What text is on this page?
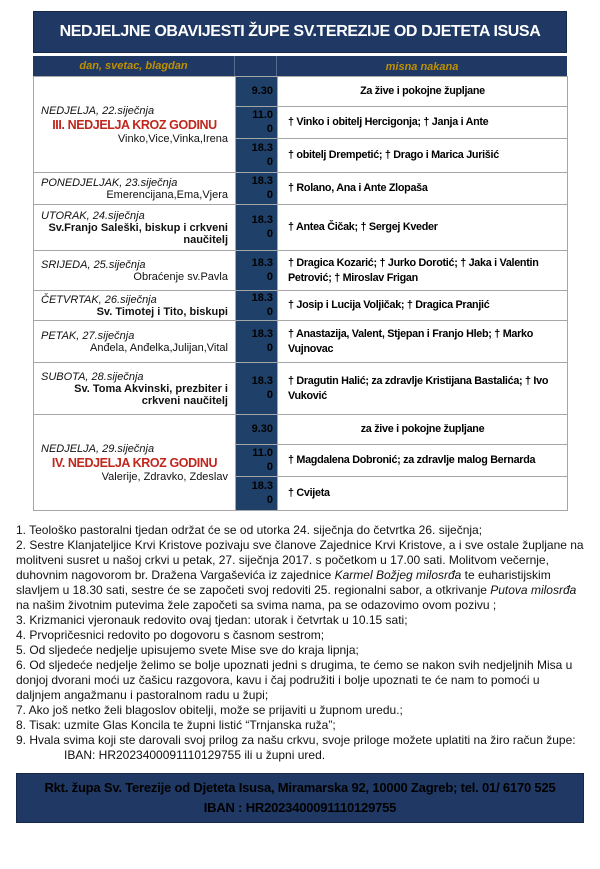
NEDJELJNE OBAVIJESTI ŽUPE SV.TEREZIJE OD DJETETA ISUSA
dan, svetac, blagdan	misna nakana
NEDJELJA, 22.siječnja
III. NEDJELJA KROZ GODINU
Vinko,Vice,Vinka,Irena	9.30	Za žive i pokojne župljane

	11.00	† Vinko i obitelj Hercigonja; † Janja i Ante

	18.30	† obitelj Drempetić; † Drago i Marica Jurišić

PONEDJELJAK, 23.siječnja
Emerencijana,Ema,Vjera	18.30	† Rolano, Ana i Ante Zlopaša

UTORAK, 24.siječnja
Sv.Franjo Saleški, biskup i crkveni naučitelj	18.30	† Antea Čičak; † Sergej Kveder

SRIJEDA, 25.siječnja
Obraćenje sv.Pavla	18.30	† Dragica Kozarić; † Jurko Dorotić; † Jaka i Valentin Petrović; † Miroslav Frigan

ČETVRTAK, 26.siječnja
Sv. Timotej i Tito, biskupi	18.30	† Josip i Lucija Voljičak; † Dragica Pranjić

PETAK, 27.siječnja
Anđela, Anđelka,Julijan,Vital	18.30	† Anastazija, Valent, Stjepan i Franjo Hleb; † Marko Vujnovac

SUBOTA, 28.siječnja
Sv. Toma Akvinski, prezbiter i crkveni naučitelj	18.30	† Dragutin Halić; za zdravlje Kristijana Bastalića; † Ivo Vuković

NEDJELJA, 29.siječnja
IV. NEDJELJA KROZ GODINU
Valerije, Zdravko, Zdeslav	9.30	za žive i pokojne župljane

	11.00	† Magdalena Dobronić; za zdravlje malog Bernarda

	18.30	† Cvijeta

1. Teološko pastoralni tjedan održat će se od utorka 24. siječnja do četvrtka 26. siječnja;

2. Sestre Klanjateljice Krvi Kristove pozivaju sve članove Zajednice Krvi Kristove, a i sve ostale župljane na molitveni susret u našoj crkvi u petak, 27. siječnja 2017. s početkom u 17.00 sati. Molitvom večernje, duhovnim nagovorom br. Dražena Vargaševića iz zajednice Karmel Božjeg milosrđa te euharistijskim slavljem u 18.30 sati, sestre će se započeti svoj redoviti 25. regionalni sabor, a otkrivanje Putova milosrđa na našim životnim putevima žele započeti sa svima nama, pa se odazovimo ovom pozivu ;

3. Krizmanici vjeronauk redovito ovaj tjedan: utorak i četvrtak u 10.15 sati;

4. Prvopričesnici redovito po dogovoru s časnom sestrom;

5. Od sljedeće nedjelje upisujemo svete Mise sve do kraja lipnja;

6. Od sljedeće nedjelje želimo se bolje upoznati jedni s drugima, te ćemo se nakon svih nedjeljnih Misa u donjoj dvorani moći uz čašicu razgovora, kavu i čaj podružiti i bolje upoznati te će nam to pomoći u daljnjem angažmanu i pastoralnom radu u župi;

7. Ako još netko želi blagoslov obitelji, može se prijaviti u župnom uredu.;

8. Tisak: uzmite Glas Koncila te župni listić “Trnjanska ruža”;

9. Hvala svima koji ste darovali svoj prilog za našu crkvu, svoje priloge možete uplatiti na žiro račun župe:
IBAN: HR2023400091110129755 ili u župni ured.

Rkt. župa Sv. Terezije od Djeteta Isusa, Miramarska 92, 10000 Zagreb; tel. 01/ 6170 525
IBAN : HR2023400091110129755
